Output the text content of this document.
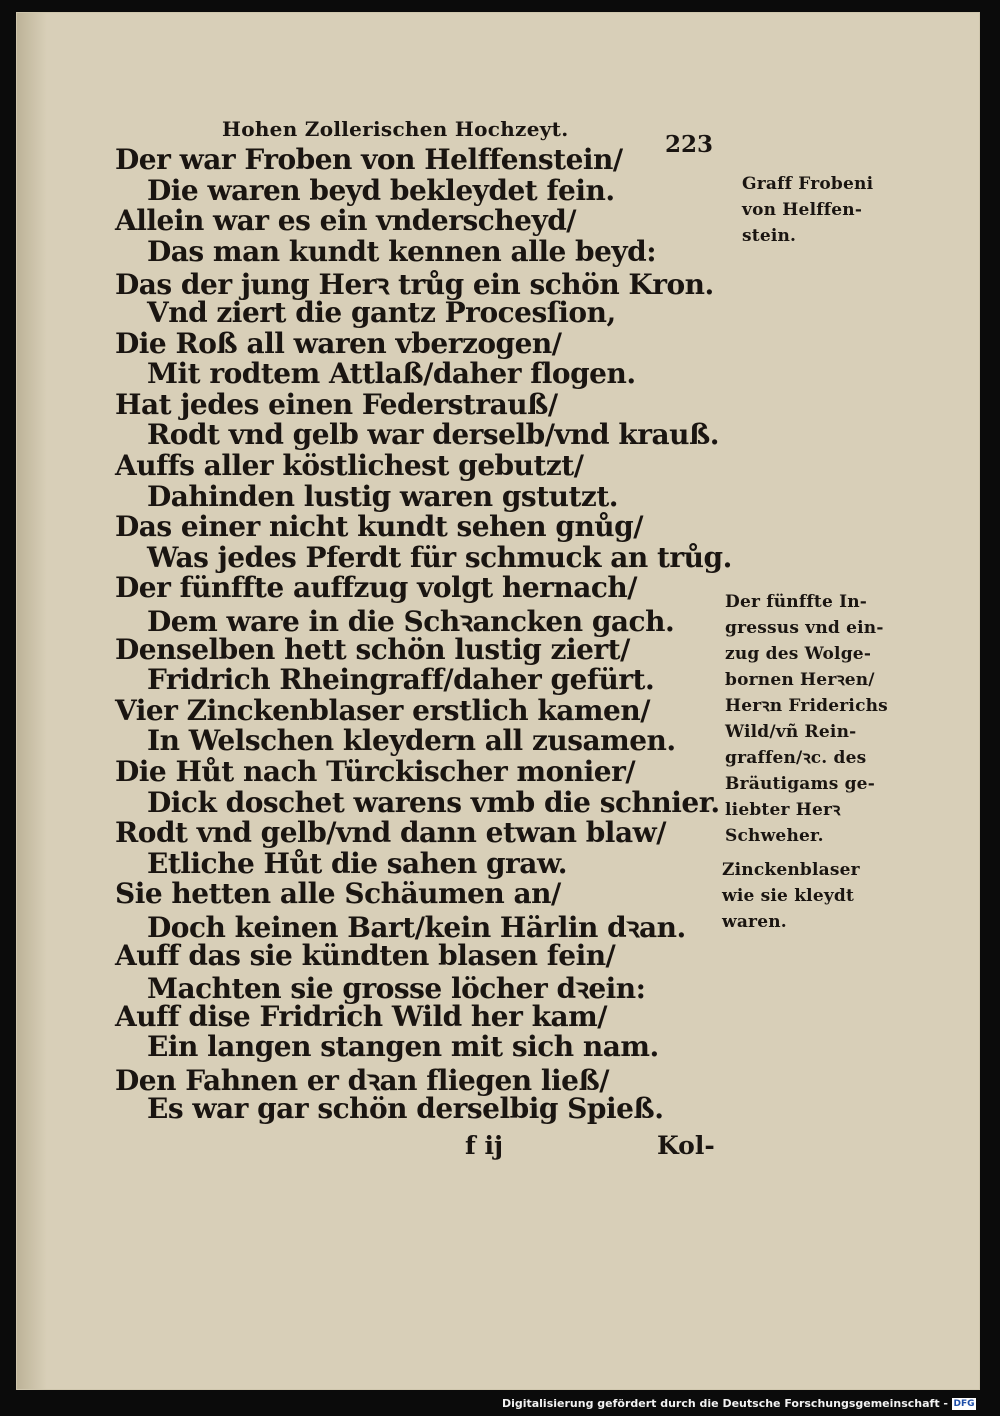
Hohen Zollerischen Hochzeyt.
223
Der war Froben von Helffenstein/
Die waren beyd bekleydet fein.
Allein war es ein vnderscheyd/
Das man kundt kennen alle beyd:
Das der jung Herꝛ trůg ein schön Kron.
Vnd ziert die gantz Procesſion,
Die Roß all waren vberzogen/
Mit rodtem Attlaß/daher flogen.
Hat jedes einen Federstrauß/
Rodt vnd gelb war derselb/vnd krauß.
Auffs aller köstlichest gebutzt/
Dahinden lustig waren gstutzt.
Das einer nicht kundt sehen gnůg/
Was jedes Pferdt für schmuck an trůg.
Der fünffte auffzug volgt hernach/
Dem ware in die Schꝛancken gach.
Denselben hett schön lustig ziert/
Fridrich Rheingraff/daher gefürt.
Vier Zinckenblaser erstlich kamen/
In Welschen kleydern all zusamen.
Die Hůt nach Türckischer monier/
Dick doschet warens vmb die schnier.
Rodt vnd gelb/vnd dann etwan blaw/
Etliche Hůt die sahen graw.
Sie hetten alle Schäumen an/
Doch keinen Bart/kein Härlin dꝛan.
Auff das sie kündten blasen fein/
Machten sie grosse löcher dꝛein:
Auff dise Fridrich Wild her kam/
Ein langen stangen mit sich nam.
Den Fahnen er dꝛan fliegen ließ/
Es war gar schön derselbig Spieß.
Graff Frobeni
von Helffen-
stein.
Der fünffte In-
gressus vnd ein-
zug des Wolge-
bornen Herꝛen/
Herꝛn Friderichs
Wild/vñ Rein-
graffen/ꝛc. des
Bräutigams ge-
liebter Herꝛ
Schweher.
Zinckenblaser
wie sie kleydt
waren.
f ij	Kol-
Digitalisierung gefördert durch die Deutsche Forschungsgemeinschaft - DFG
